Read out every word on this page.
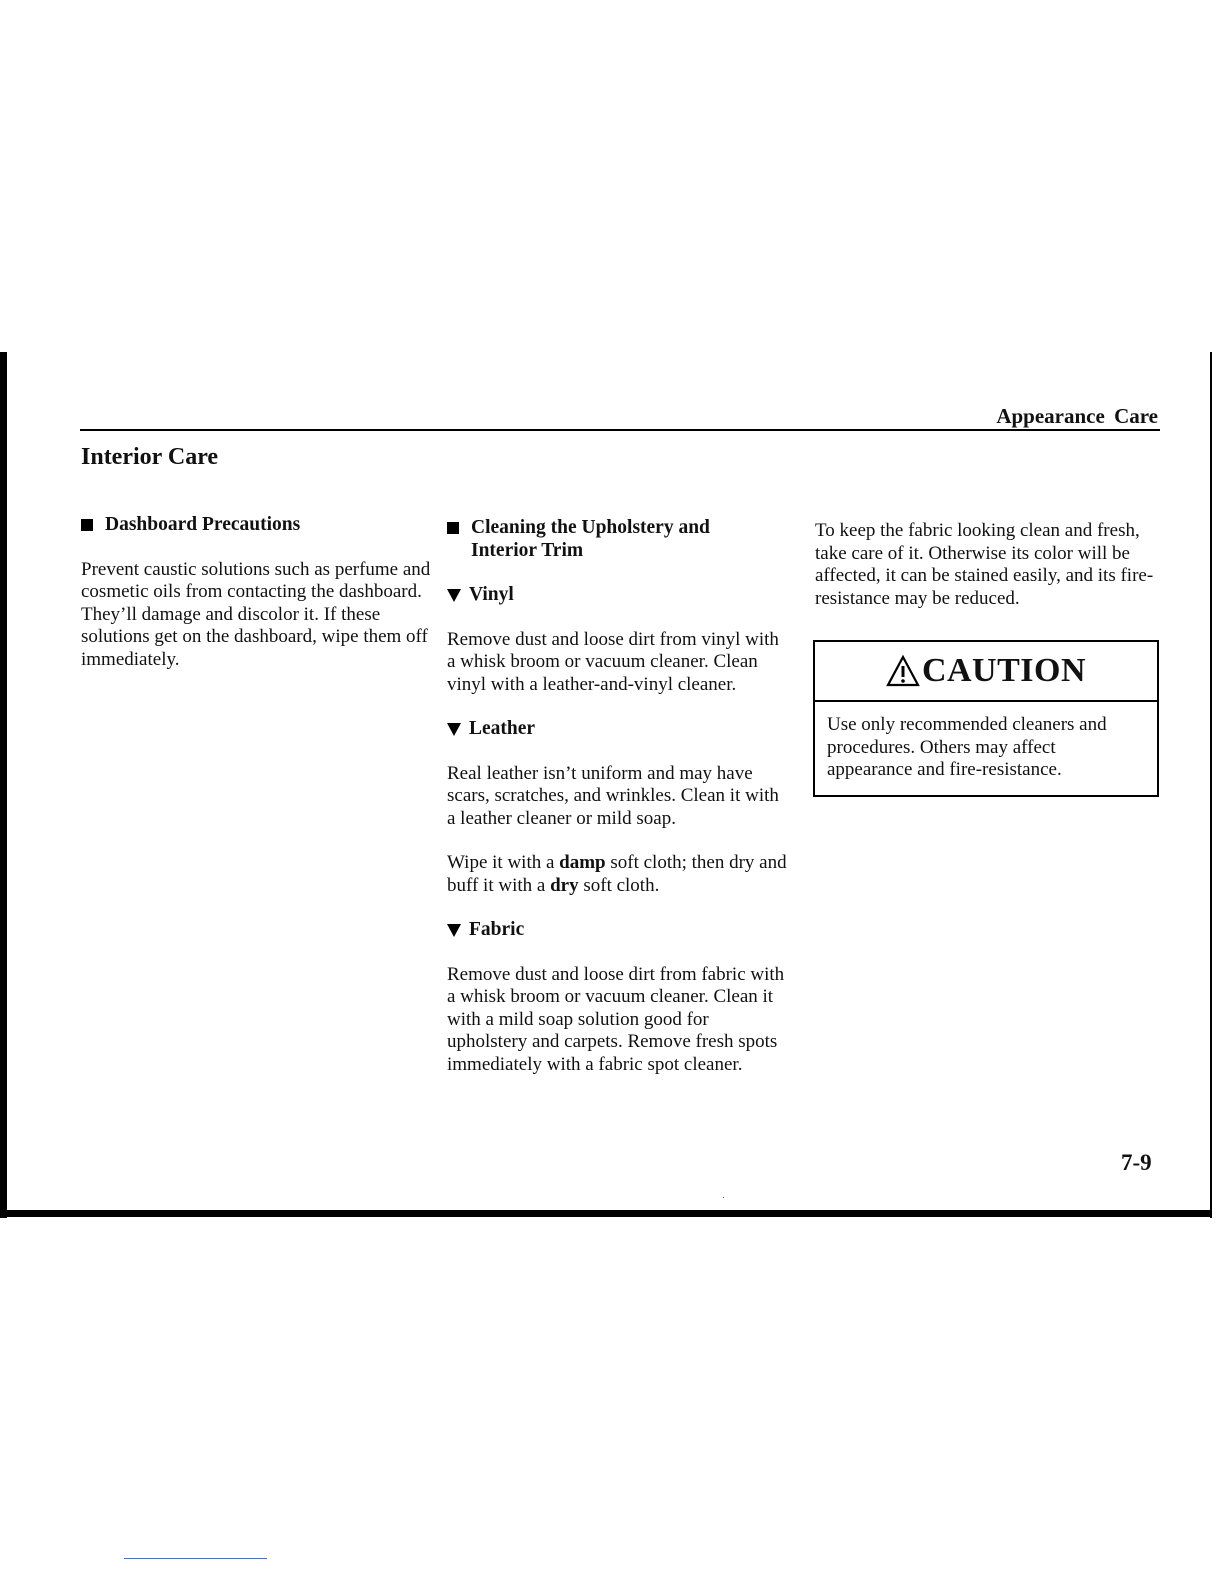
Appearance Care
Interior Care
Dashboard Precautions

Prevent caustic solutions such as perfume and cosmetic oils from contacting the dashboard. They’ll damage and discolor it. If these solutions get on the dashboard, wipe them off immediately.

Cleaning the Upholstery and
Interior Trim
Vinyl

Remove dust and loose dirt from vinyl with a whisk broom or vacuum cleaner. Clean vinyl with a leather-and-vinyl cleaner.

Leather

Real leather isn’t uniform and may have scars, scratches, and wrinkles. Clean it with a leather cleaner or mild soap.

Wipe it with a damp soft cloth; then dry and buff it with a dry soft cloth.

Fabric

Remove dust and loose dirt from fabric with a whisk broom or vacuum cleaner. Clean it with a mild soap solution good for upholstery and carpets. Remove fresh spots immediately with a fabric spot cleaner.

To keep the fabric looking clean and fresh, take care of it. Otherwise its color will be affected, it can be stained easily, and its fire-resistance may be reduced.

CAUTION
Use only recommended cleaners and procedures. Others may affect appearance and fire-resistance.
7-9
